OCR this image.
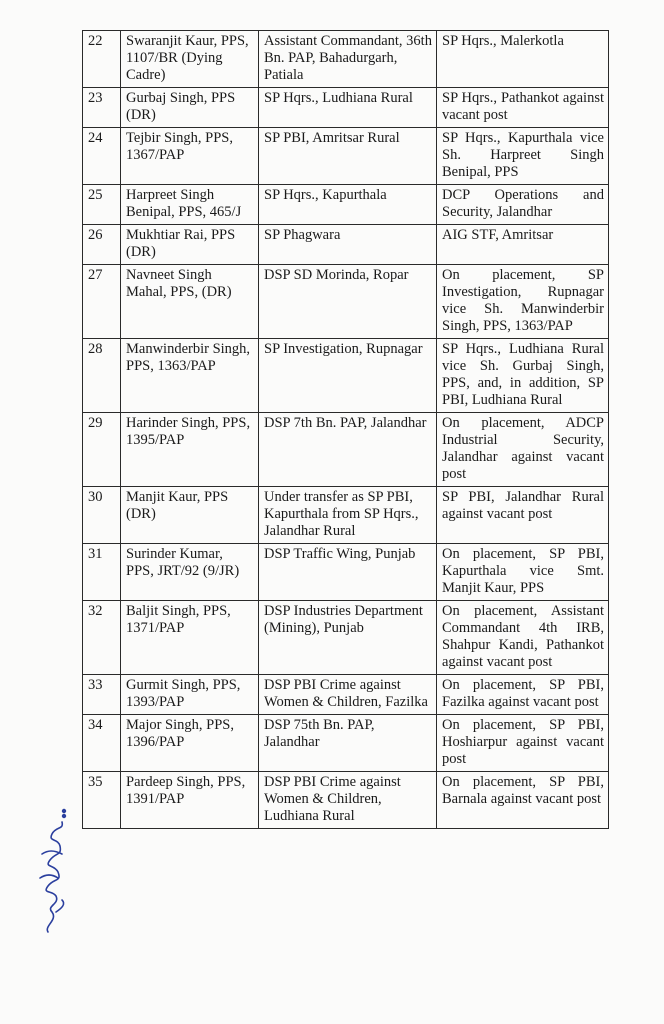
22	Swaranjit Kaur, PPS, 1107/BR (Dying Cadre)	Assistant Commandant, 36th Bn. PAP, Bahadurgarh, Patiala	SP Hqrs., Malerkotla
23	Gurbaj Singh, PPS (DR)	SP Hqrs., Ludhiana Rural	SP Hqrs., Pathankot against vacant post
24	Tejbir Singh, PPS, 1367/PAP	SP PBI, Amritsar Rural	SP Hqrs., Kapurthala vice Sh. Harpreet Singh Benipal, PPS
25	Harpreet Singh Benipal, PPS, 465/J	SP Hqrs., Kapurthala	DCP Operations and Security, Jalandhar
26	Mukhtiar Rai, PPS (DR)	SP Phagwara	AIG STF, Amritsar
27	Navneet Singh Mahal, PPS, (DR)	DSP SD Morinda, Ropar	On placement, SP Investigation, Rupnagar vice Sh. Manwinderbir Singh, PPS, 1363/PAP
28	Manwinderbir Singh, PPS, 1363/PAP	SP Investigation, Rupnagar	SP Hqrs., Ludhiana Rural vice Sh. Gurbaj Singh, PPS, and, in addition, SP PBI, Ludhiana Rural
29	Harinder Singh, PPS, 1395/PAP	DSP 7th Bn. PAP, Jalandhar	On placement, ADCP Industrial Security, Jalandhar against vacant post
30	Manjit Kaur, PPS (DR)	Under transfer as SP PBI, Kapurthala from SP Hqrs., Jalandhar Rural	SP PBI, Jalandhar Rural against vacant post
31	Surinder Kumar, PPS, JRT/92 (9/JR)	DSP Traffic Wing, Punjab	On placement, SP PBI, Kapurthala vice Smt. Manjit Kaur, PPS
32	Baljit Singh, PPS, 1371/PAP	DSP Industries Department (Mining), Punjab	On placement, Assistant Commandant 4th IRB, Shahpur Kandi, Pathankot against vacant post
33	Gurmit Singh, PPS, 1393/PAP	DSP PBI Crime against Women & Children, Fazilka	On placement, SP PBI, Fazilka against vacant post
34	Major Singh, PPS, 1396/PAP	DSP 75th Bn. PAP, Jalandhar	On placement, SP PBI, Hoshiarpur against vacant post
35	Pardeep Singh, PPS, 1391/PAP	DSP PBI Crime against Women & Children, Ludhiana Rural	On placement, SP PBI, Barnala against vacant post
